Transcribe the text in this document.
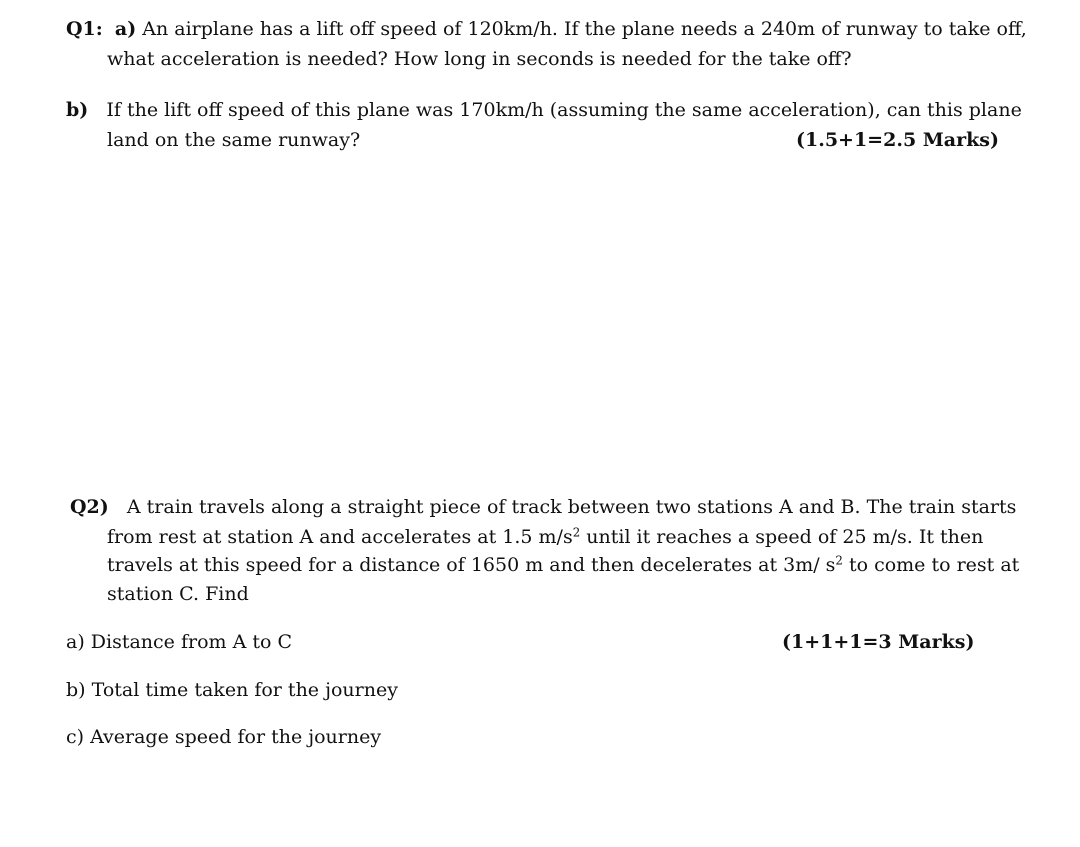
Q1: a) An airplane has a lift off speed of 120km/h. If the plane needs a 240m of runway to take off,
what acceleration is needed? How long in seconds is needed for the take off?
b) If the lift off speed of this plane was 170km/h (assuming the same acceleration), can this plane
land on the same runway?	(1.5+1=2.5 Marks)
Q2) A train travels along a straight piece of track between two stations A and B. The train starts
from rest at station A and accelerates at 1.5 $m/s^2$ until it reaches a speed of 25 m/s. It then
travels at this speed for a distance of 1650 m and then decelerates at 3m/ $s^2$ to come to rest at
station C. Find
a) Distance from A to C	(1+1+1=3 Marks)
b) Total time taken for the journey
c) Average speed for the journey
